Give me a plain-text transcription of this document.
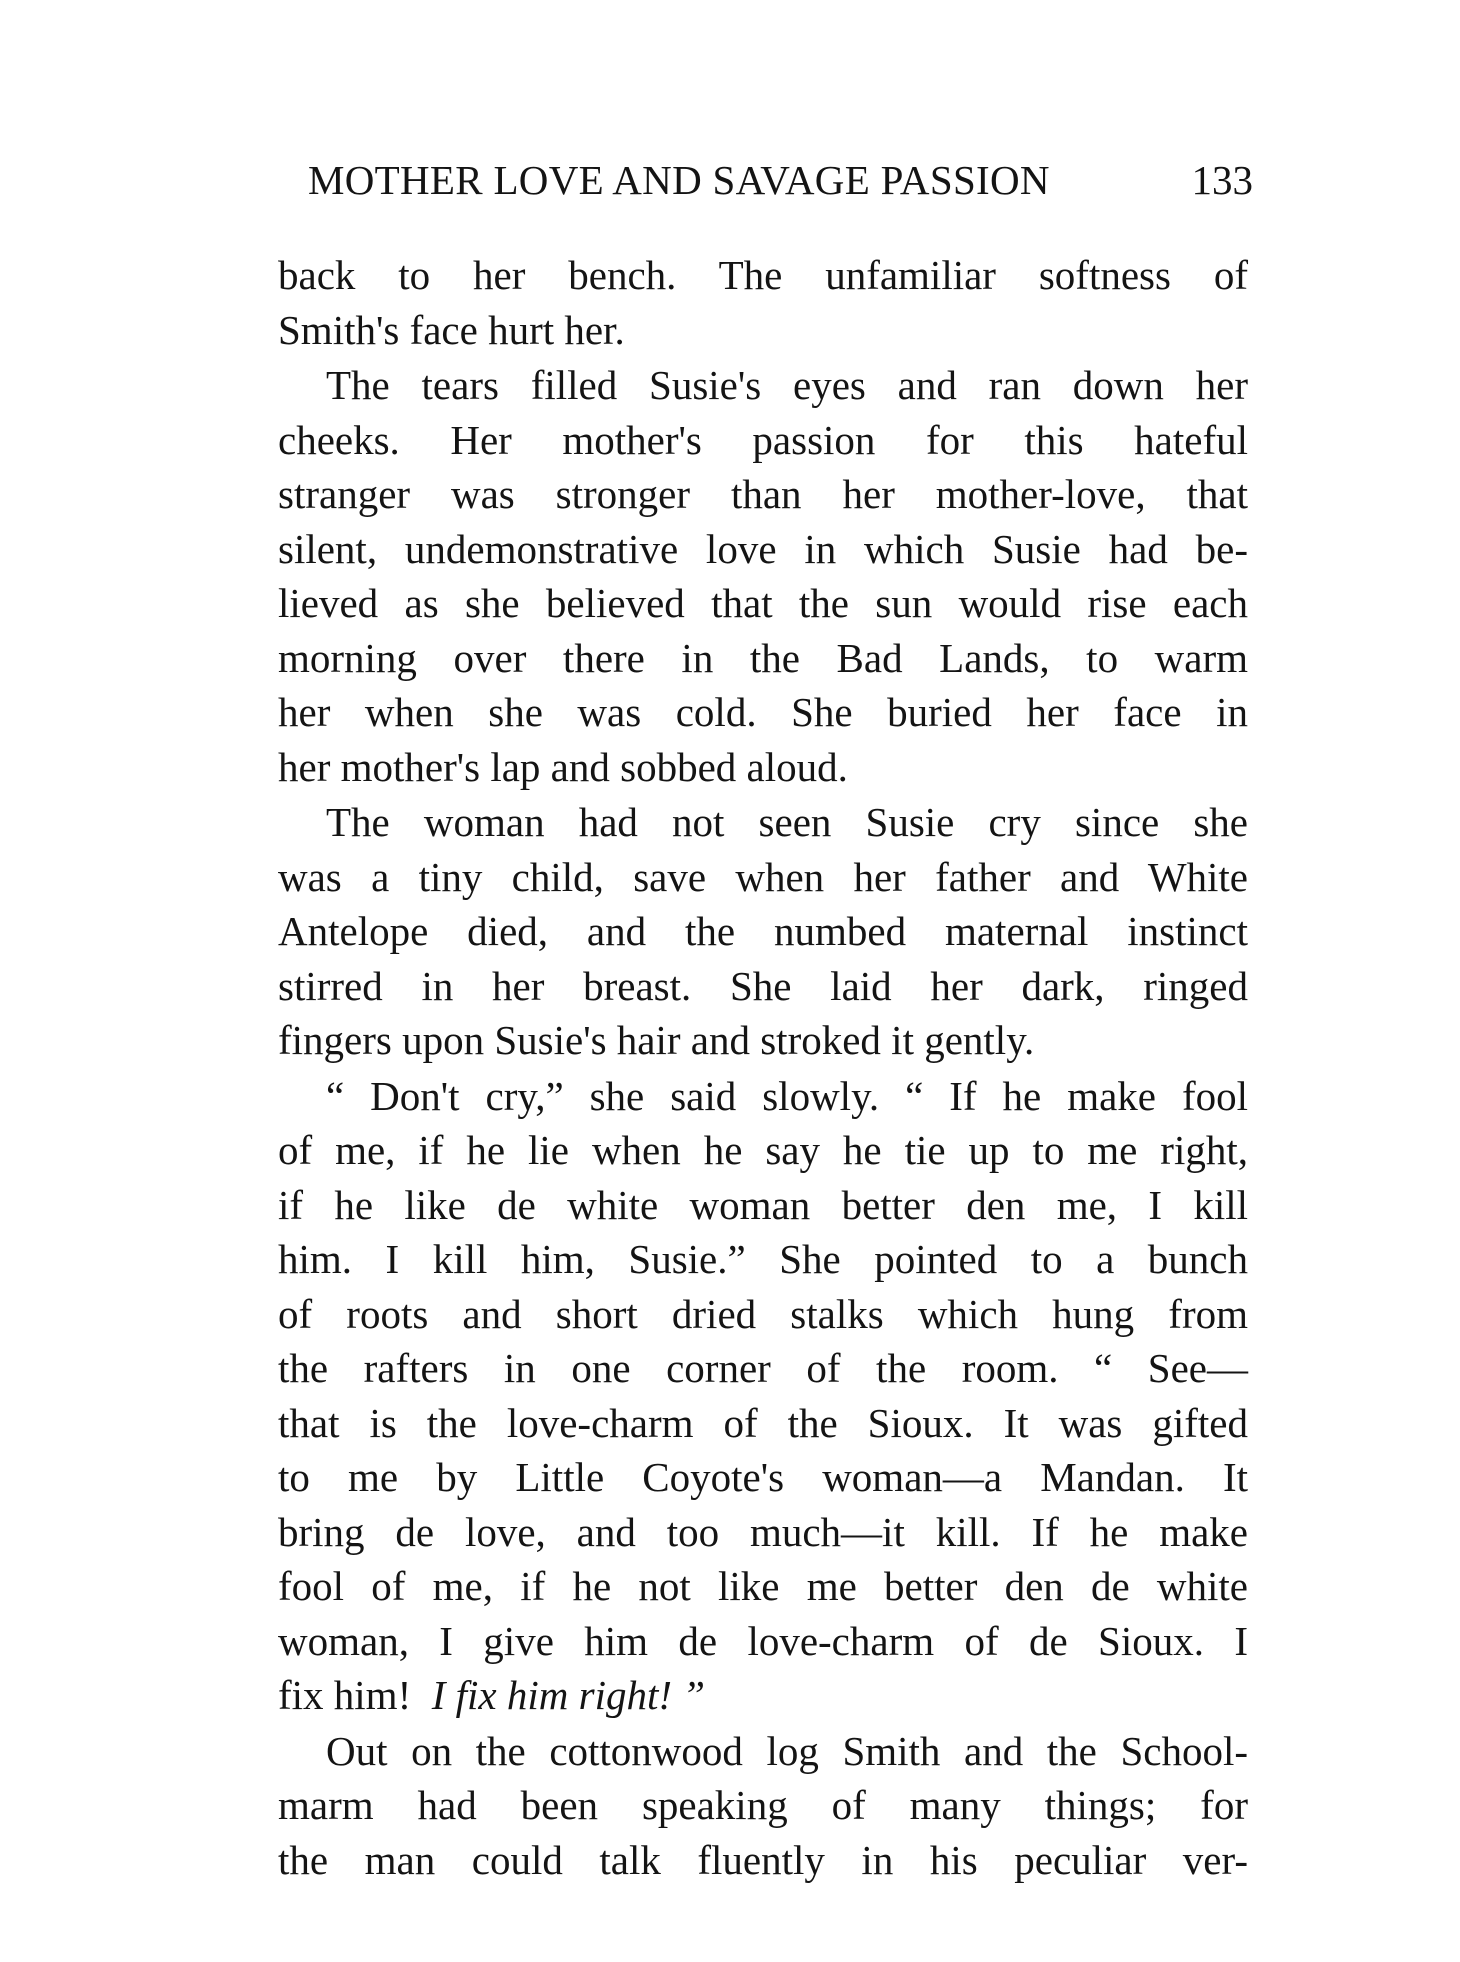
MOTHER LOVE AND SAVAGE PASSION	133
back to her bench. The unfamiliar softness of
Smith's face hurt her.
The tears filled Susie's eyes and ran down her
cheeks. Her mother's passion for this hateful
stranger was stronger than her mother-love, that
silent, undemonstrative love in which Susie had be-
lieved as she believed that the sun would rise each
morning over there in the Bad Lands, to warm
her when she was cold. She buried her face in
her mother's lap and sobbed aloud.
The woman had not seen Susie cry since she
was a tiny child, save when her father and White
Antelope died, and the numbed maternal instinct
stirred in her breast. She laid her dark, ringed
fingers upon Susie's hair and stroked it gently.
“ Don't cry,” she said slowly. “ If he make fool
of me, if he lie when he say he tie up to me right,
if he like de white woman better den me, I kill
him. I kill him, Susie.” She pointed to a bunch
of roots and short dried stalks which hung from
the rafters in one corner of the room. “ See—
that is the love-charm of the Sioux. It was gifted
to me by Little Coyote's woman—a Mandan. It
bring de love, and too much—it kill. If he make
fool of me, if he not like me better den de white
woman, I give him de love-charm of de Sioux. I
fix him! I fix him right! ”
Out on the cottonwood log Smith and the School-
marm had been speaking of many things; for
the man could talk fluently in his peculiar ver-
